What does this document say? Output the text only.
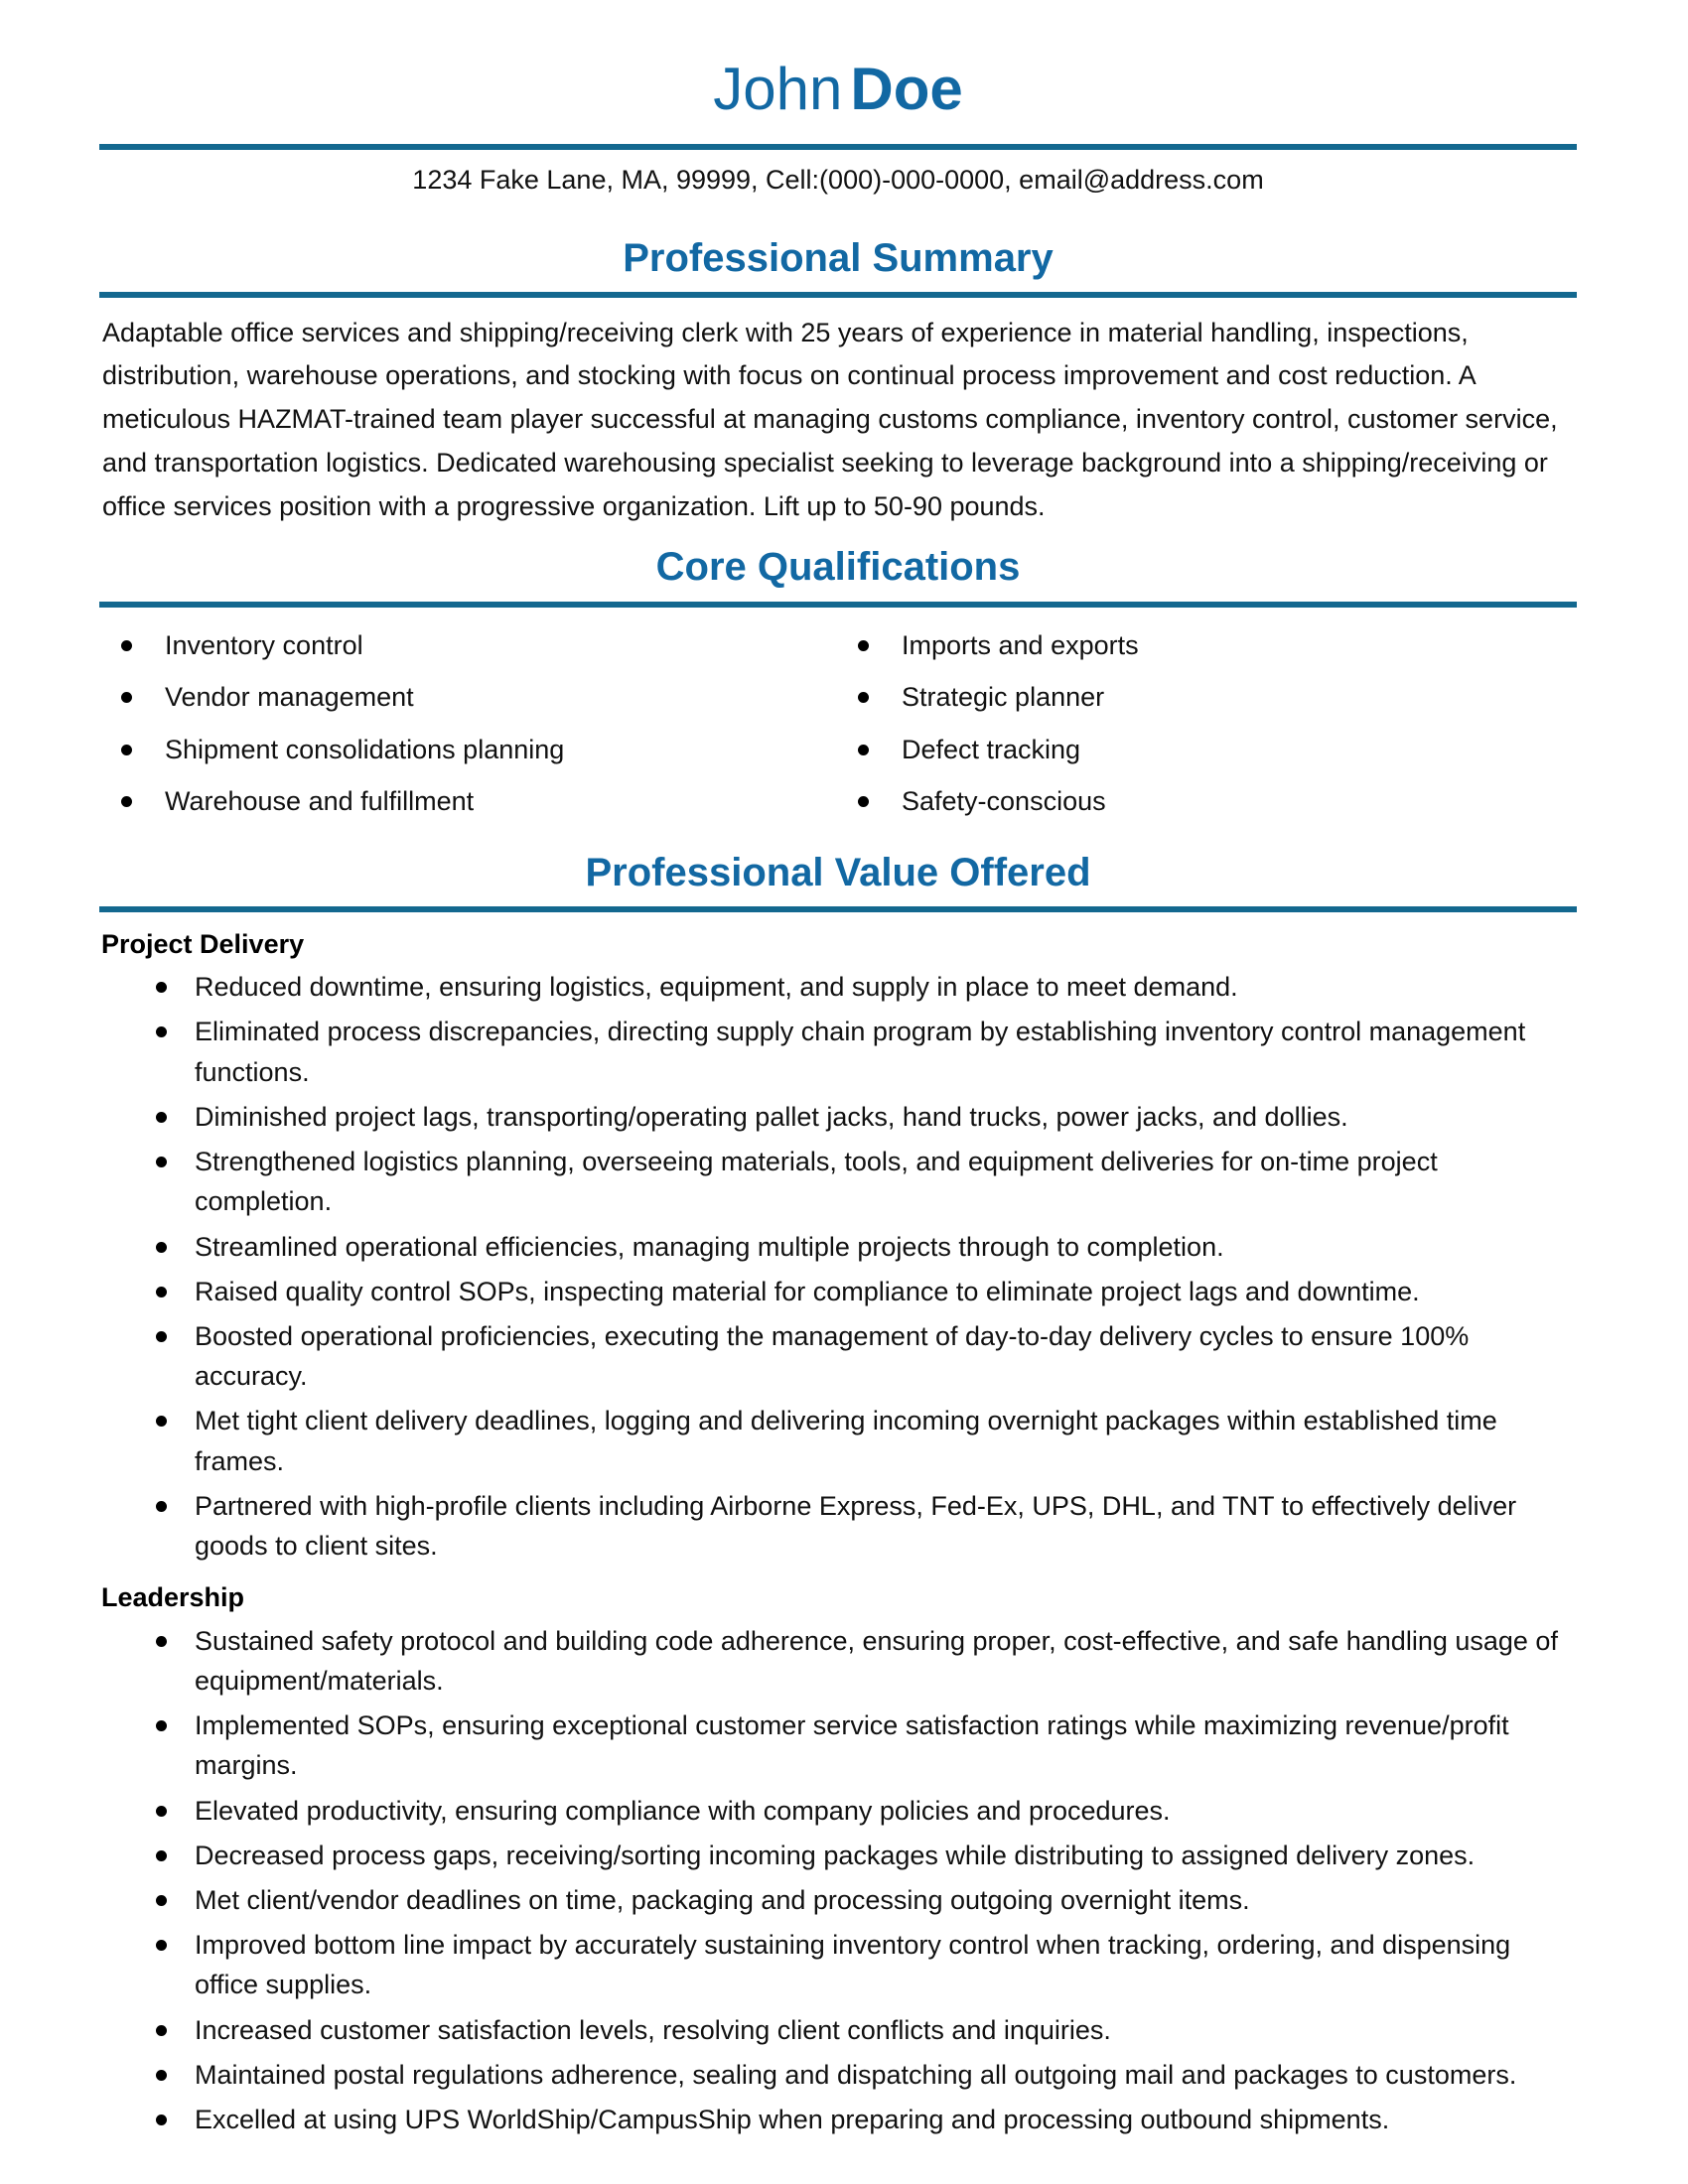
John Doe
1234 Fake Lane, MA, 99999, Cell:(000)-000-0000, email@address.com
Professional Summary
Adaptable office services and shipping/receiving clerk with 25 years of experience in material handling, inspections, distribution, warehouse operations, and stocking with focus on continual process improvement and cost reduction. A meticulous HAZMAT-trained team player successful at managing customs compliance, inventory control, customer service, and transportation logistics. Dedicated warehousing specialist seeking to leverage background into a shipping/receiving or office services position with a progressive organization. Lift up to 50-90 pounds.
Core Qualifications
Inventory control
Vendor management
Shipment consolidations planning
Warehouse and fulfillment
Imports and exports
Strategic planner
Defect tracking
Safety-conscious
Professional Value Offered
Project Delivery
Reduced downtime, ensuring logistics, equipment, and supply in place to meet demand.
Eliminated process discrepancies, directing supply chain program by establishing inventory control management functions.
Diminished project lags, transporting/operating pallet jacks, hand trucks, power jacks, and dollies.
Strengthened logistics planning, overseeing materials, tools, and equipment deliveries for on-time project completion.
Streamlined operational efficiencies, managing multiple projects through to completion.
Raised quality control SOPs, inspecting material for compliance to eliminate project lags and downtime.
Boosted operational proficiencies, executing the management of day-to-day delivery cycles to ensure 100% accuracy.
Met tight client delivery deadlines, logging and delivering incoming overnight packages within established time frames.
Partnered with high-profile clients including Airborne Express, Fed-Ex, UPS, DHL, and TNT to effectively deliver goods to client sites.
Leadership
Sustained safety protocol and building code adherence, ensuring proper, cost-effective, and safe handling usage of equipment/materials.
Implemented SOPs, ensuring exceptional customer service satisfaction ratings while maximizing revenue/profit margins.
Elevated productivity, ensuring compliance with company policies and procedures.
Decreased process gaps, receiving/sorting incoming packages while distributing to assigned delivery zones.
Met client/vendor deadlines on time, packaging and processing outgoing overnight items.
Improved bottom line impact by accurately sustaining inventory control when tracking, ordering, and dispensing office supplies.
Increased customer satisfaction levels, resolving client conflicts and inquiries.
Maintained postal regulations adherence, sealing and dispatching all outgoing mail and packages to customers.
Excelled at using UPS WorldShip/CampusShip when preparing and processing outbound shipments.
